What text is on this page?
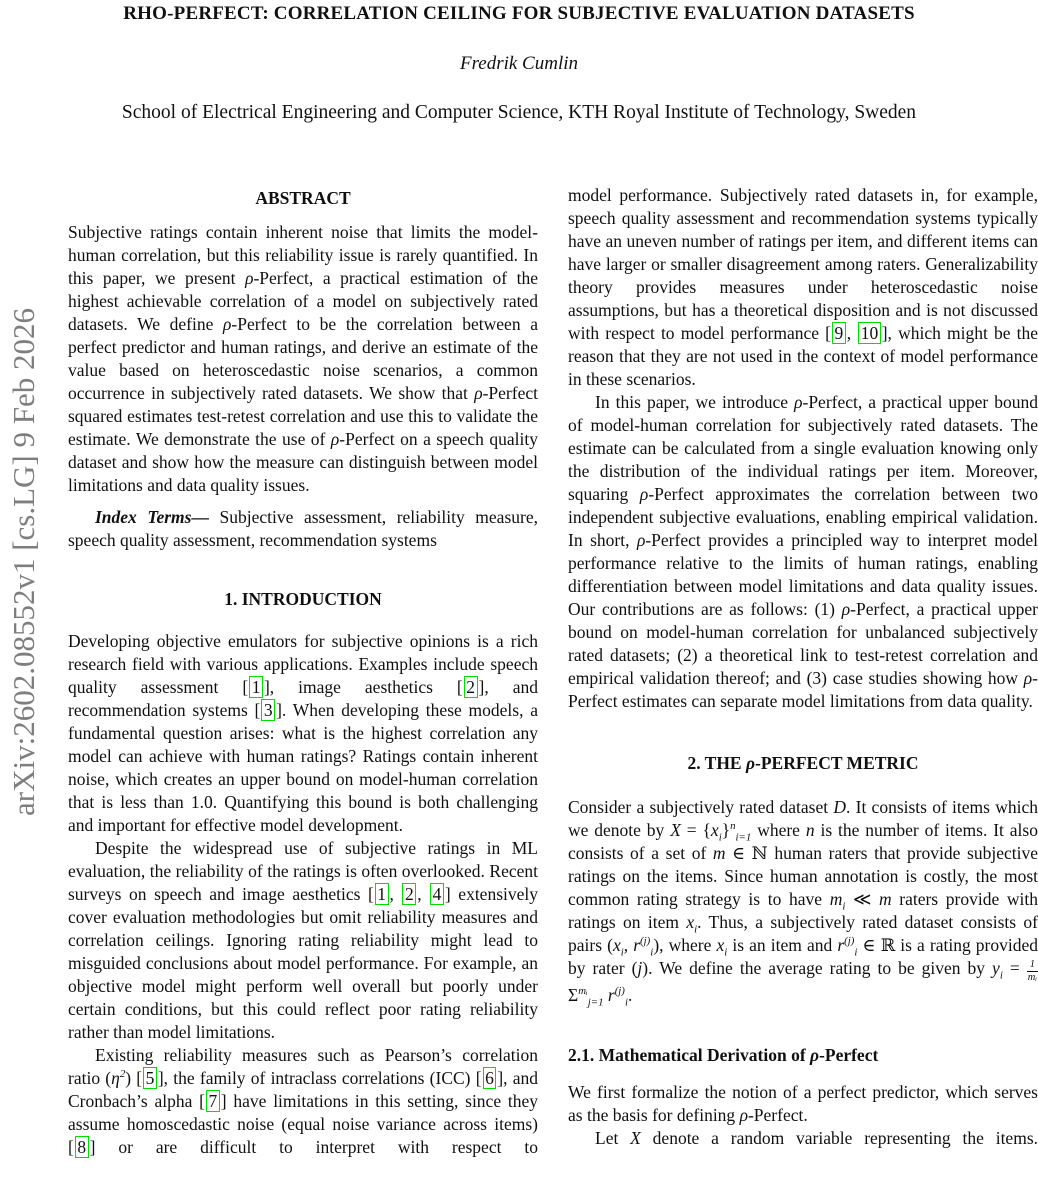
arXiv:2602.08552v1 [cs.LG] 9 Feb 2026
RHO-PERFECT: CORRELATION CEILING FOR SUBJECTIVE EVALUATION DATASETS
Fredrik Cumlin
School of Electrical Engineering and Computer Science, KTH Royal Institute of Technology, Sweden
ABSTRACT

Subjective ratings contain inherent noise that limits the model-human correlation, but this reliability issue is rarely quantified. In this paper, we present ρ-Perfect, a practical estimation of the highest achievable correlation of a model on subjectively rated datasets. We define ρ-Perfect to be the correlation between a perfect predictor and human ratings, and derive an estimate of the value based on heteroscedastic noise scenarios, a common occurrence in subjectively rated datasets. We show that ρ-Perfect squared estimates test-retest correlation and use this to validate the estimate. We demonstrate the use of ρ-Perfect on a speech quality dataset and show how the measure can distinguish between model limitations and data quality issues.

Index Terms— Subjective assessment, reliability measure, speech quality assessment, recommendation systems

1. INTRODUCTION

Developing objective emulators for subjective opinions is a rich research field with various applications. Examples include speech quality assessment [ 1 ], image aesthetics [ 2 ], and recommendation systems [ 3 ]. When developing these models, a fundamental question arises: what is the highest correlation any model can achieve with human ratings? Ratings contain inherent noise, which creates an upper bound on model-human correlation that is less than 1.0. Quantifying this bound is both challenging and important for effective model development.

Despite the widespread use of subjective ratings in ML evaluation, the reliability of the ratings is often overlooked. Recent surveys on speech and image aesthetics [ 1 , 2 , 4 ] extensively cover evaluation methodologies but omit reliability measures and correlation ceilings. Ignoring rating reliability might lead to misguided conclusions about model performance. For example, an objective model might perform well overall but poorly under certain conditions, but this could reflect poor rating reliability rather than model limitations.

Existing reliability measures such as Pearson’s correlation ratio $(\eta^2)$ [ 5 ], the family of intraclass correlations (ICC) [ 6 ], and Cronbach’s alpha [ 7 ] have limitations in this setting, since they assume homoscedastic noise (equal noise variance across items) [ 8 ] or are difficult to interpret with respect to

model performance. Subjectively rated datasets in, for example, speech quality assessment and recommendation systems typically have an uneven number of ratings per item, and different items can have larger or smaller disagreement among raters. Generalizability theory provides measures under heteroscedastic noise assumptions, but has a theoretical disposition and is not discussed with respect to model performance [ 9 , 10 ], which might be the reason that they are not used in the context of model performance in these scenarios.

In this paper, we introduce ρ-Perfect, a practical upper bound of model-human correlation for subjectively rated datasets. The estimate can be calculated from a single evaluation knowing only the distribution of the individual ratings per item. Moreover, squaring ρ-Perfect approximates the correlation between two independent subjective evaluations, enabling empirical validation. In short, ρ-Perfect provides a principled way to interpret model performance relative to the limits of human ratings, enabling differentiation between model limitations and data quality issues. Our contributions are as follows: (1) ρ-Perfect, a practical upper bound on model-human correlation for unbalanced subjectively rated datasets; (2) a theoretical link to test-retest correlation and empirical validation thereof; and (3) case studies showing how ρ-Perfect estimates can separate model limitations from data quality.

2. THE ρ-PERFECT METRIC

Consider a subjectively rated dataset D. It consists of items which we denote by $X = \{x_i\}^n_{i=1}$ where n is the number of items. It also consists of a set of m ∈ ℕ human raters that provide subjective ratings on the items. Since human annotation is costly, the most common rating strategy is to have $m_i$ ≪ m raters provide with ratings on item $x_i$. Thus, a subjectively rated dataset consists of pairs ($x_i$, $r^{(j)}_i$), where $x_i$ is an item and $r^{(j)}_i$ ∈ ℝ is a rating provided by rater (j). We define the average rating to be given by $y_i = \frac{1}{\text{mᵢ}}$
$\Sigma^{mᵢ}_{j=1}$ $r^{(j)}_i$.

2.1. Mathematical Derivation of ρ-Perfect

We first formalize the notion of a perfect predictor, which serves as the basis for defining ρ-Perfect.

Let X denote a random variable representing the items.
